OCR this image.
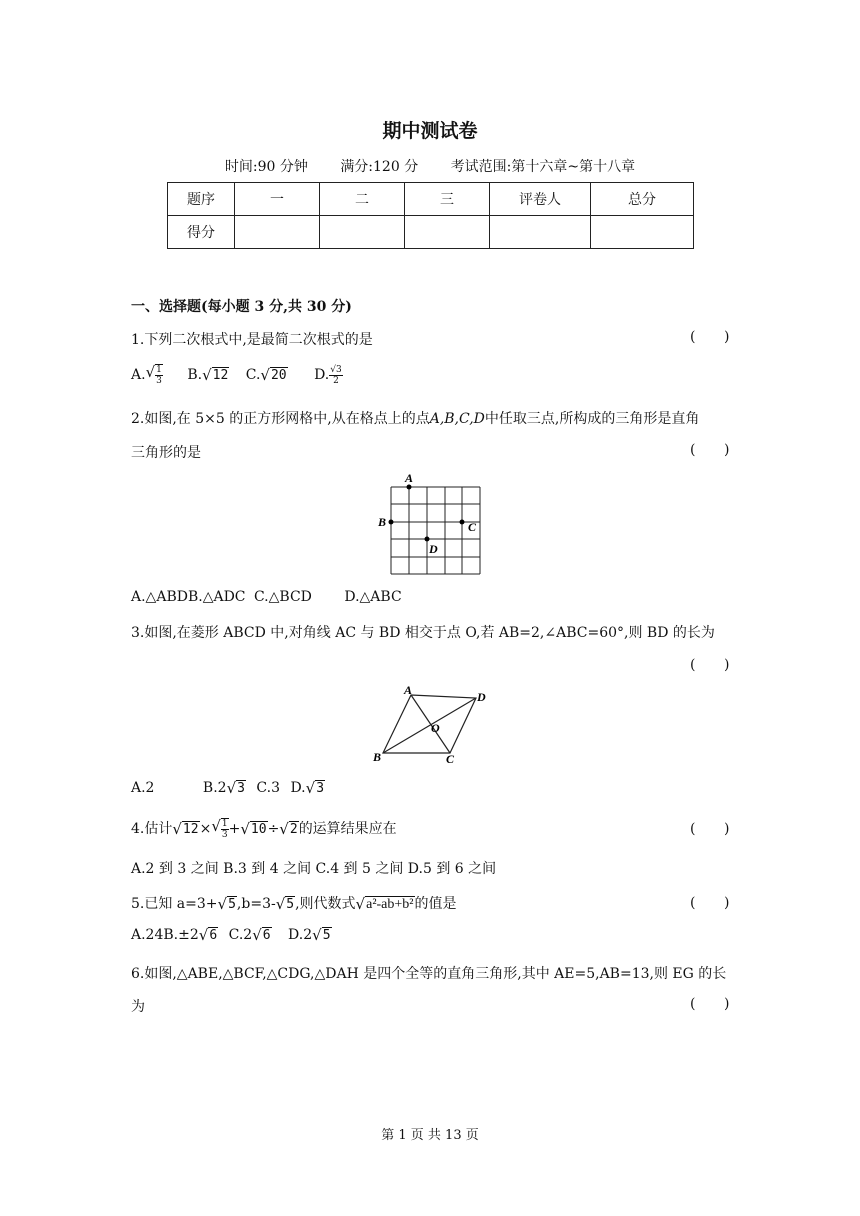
期中测试卷
时间:90 分钟 满分:120 分 考试范围:第十六章~第十八章
题序	一	二	三	评卷人	总分
得分					
一、选择题(每小题 3 分,共 30 分)
1.下列二次根式中,是最简二次根式的是	( )
A. √ $\frac{1}{3} B$. √ 12 C. √ 20 D. $\frac{√3}{2}$
2.如图,在 5×5 的正方形网格中,从在格点上的点A,B,C,D中任取三点,所构成的三角形是直角
三角形的是	( )
A
B	C
D
A.△ABDB.△ADC C.△BCD D.△ABC
3.如图,在菱形 ABCD 中,对角线 AC 与 BD 相交于点 O,若 AB=2,∠ABC=60°,则 BD 的长为
( )
A	D
O
B	C
A.2	B.2 √ 3 C.3 D. √ 3
4.估计 √ 12 × √ $\frac{1}{3}$ + √ 10 ÷ √ 2 的运算结果应在	( )
A.2 到 3 之间 B.3 到 4 之间 C.4 到 5 之间 D.5 到 6 之间
5.已知 a=3+ √ 5 ,b=3- √ 5 ,则代数式 √ a²-ab+b² 的值是	( )
A.24B.±2 √ 6 C.2 √ 6 D.2 √ 5
6.如图,△ABE,△BCF,△CDG,△DAH 是四个全等的直角三角形,其中 AE=5,AB=13,则 EG 的长
为	( )
第 1 页 共 13 页
